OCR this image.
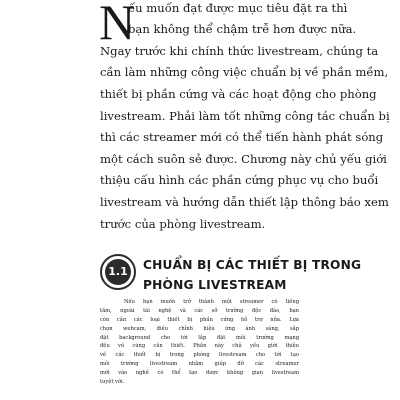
N
ếu muốn đạt được mục tiêu đặt ra thì
bạn không thể chậm trễ hơn được nữa.
Ngay trước khi chính thức livestream, chúng ta
cần làm những công việc chuẩn bị về phần mềm,
thiết bị phần cứng và các hoạt động cho phòng
livestream. Phải làm tốt những công tác chuẩn bị
thì các streamer mới có thể tiến hành phát sóng
một cách suôn sẻ được. Chương này chủ yếu giới
thiệu cấu hình các phần cứng phục vụ cho buổi
livestream và hướng dẫn thiết lập thông báo xem
trước của phòng livestream.
1.1 CHUẨN BỊ CÁC THIẾT BỊ TRONG
PHÒNG LIVESTREAM
Nếu bạn muốn trở thành một streamer có tiếng
tăm, ngoài tài nghệ và các sở trường độc đáo, bạn
còn cần các loại thiết bị phần cứng hỗ trợ nữa. Lựa
chọn webcam, điều chỉnh hiệu ứng ánh sáng, sắp
đặt background cho tới lắp đặt môi trường mạng
đều vô cùng cần thiết. Phần này chủ yếu giới thiệu
về các thiết bị trong phòng livestream cho tới tạo
môi trường livestream nhằm giúp đỡ các streamer
mới vào nghề có thể tạo được không gian livestream
tuyệt vời.
